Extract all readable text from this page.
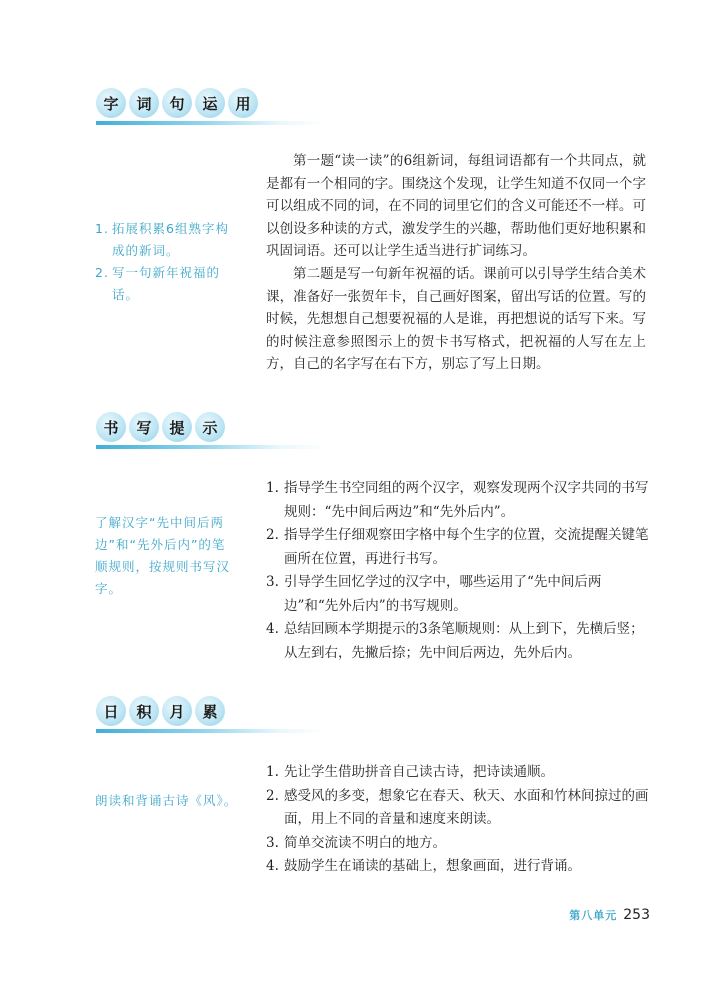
字	词	句	运	用
1. 拓展积累6组熟字构成的新词。
2. 写一句新年祝福的话。

第一题“读一读”的6组新词，每组词语都有一个共同点，就是都有一个相同的字。围绕这个发现，让学生知道不仅同一个字可以组成不同的词，在不同的词里它们的含义可能还不一样。可以创设多种读的方式，激发学生的兴趣，帮助他们更好地积累和巩固词语。还可以让学生适当进行扩词练习。

第二题是写一句新年祝福的话。课前可以引导学生结合美术课，准备好一张贺年卡，自己画好图案，留出写话的位置。写的时候，先想想自己想要祝福的人是谁，再把想说的话写下来。写的时候注意参照图示上的贺卡书写格式，把祝福的人写在左上方，自己的名字写在右下方，别忘了写上日期。

书	写	提	示
了解汉字“先中间后两边”和“先外后内”的笔顺规则，按规则书写汉字。
1. 指导学生书空同组的两个汉字，观察发现两个汉字共同的书写规则：“先中间后两边”和“先外后内”。
2. 指导学生仔细观察田字格中每个生字的位置，交流提醒关键笔画所在位置，再进行书写。
3. 引导学生回忆学过的汉字中，哪些运用了“先中间后两边”和“先外后内”的书写规则。
4. 总结回顾本学期提示的3条笔顺规则：从上到下，先横后竖；从左到右，先撇后捺；先中间后两边，先外后内。
日	积	月	累
朗读和背诵古诗《风》。
1. 先让学生借助拼音自己读古诗，把诗读通顺。
2. 感受风的多变，想象它在春天、秋天、水面和竹林间掠过的画面，用上不同的音量和速度来朗读。
3. 简单交流读不明白的地方。
4. 鼓励学生在诵读的基础上，想象画面，进行背诵。
第八单元 253
